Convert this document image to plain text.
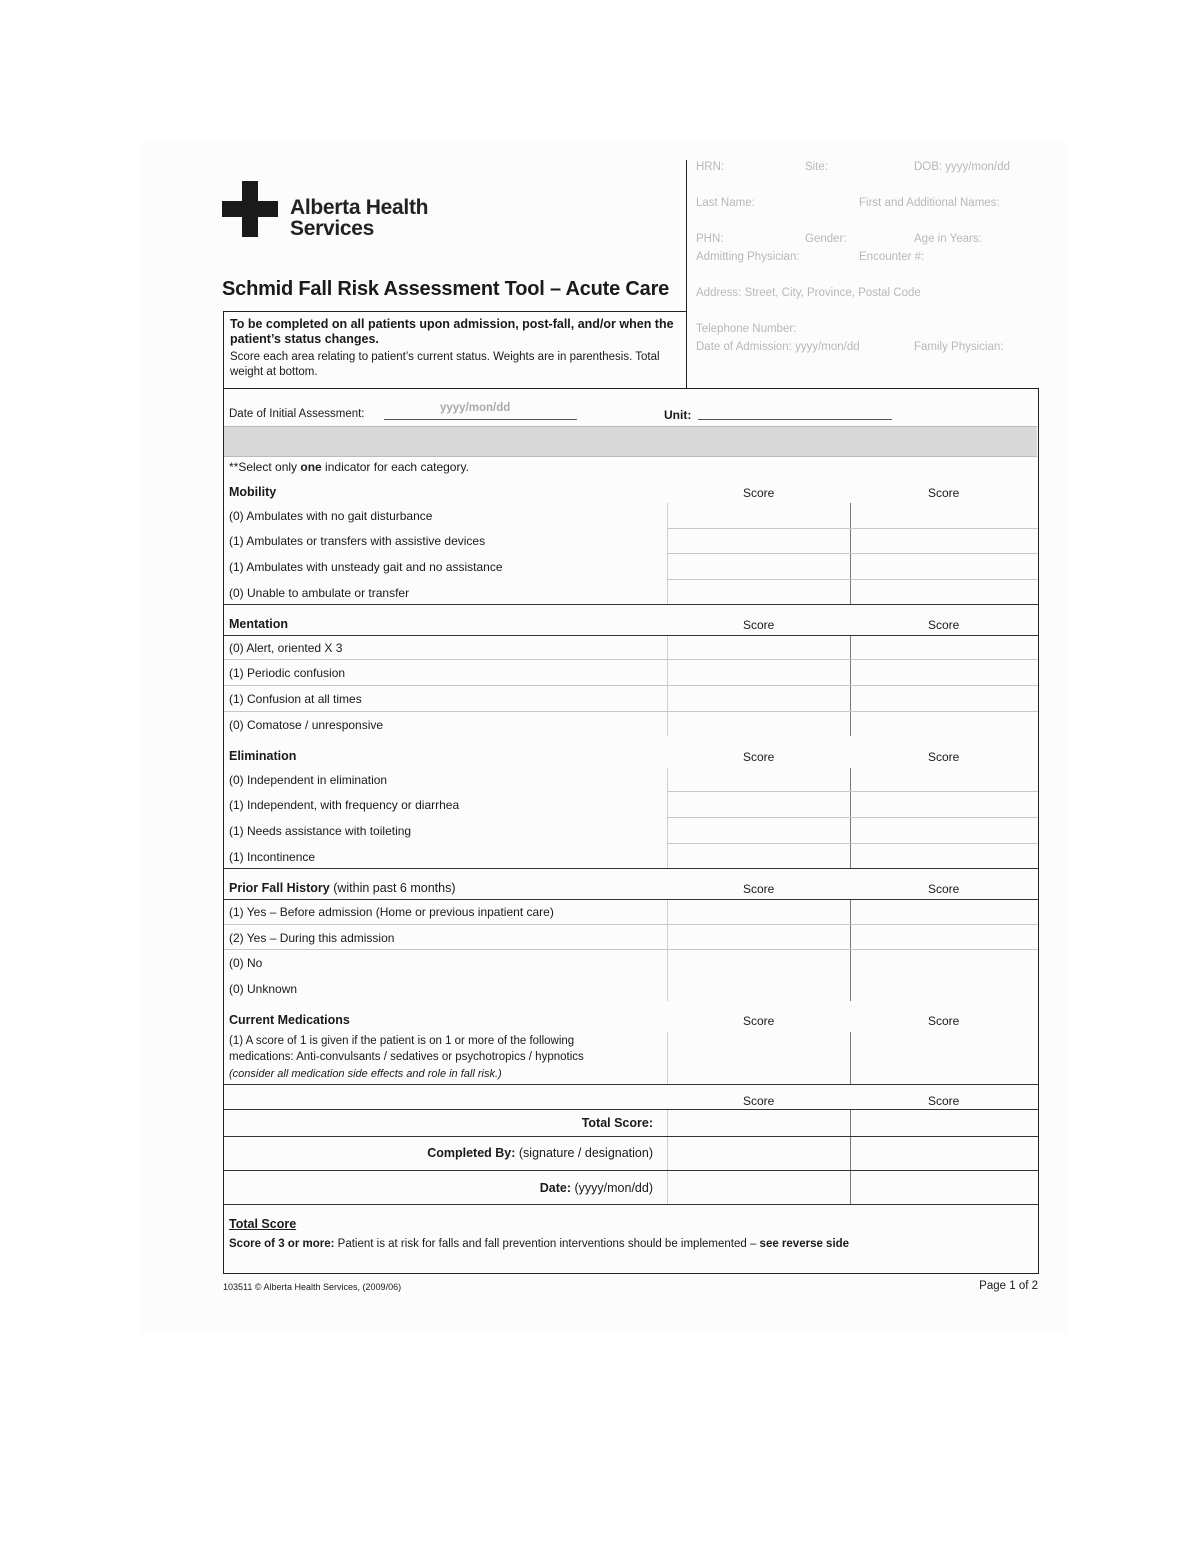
Alberta Health
Services
Schmid Fall Risk Assessment Tool – Acute Care
To be completed on all patients upon admission, post-fall, and/or when the patient’s status changes.
Score each area relating to patient’s current status. Weights are in parenthesis. Total weight at bottom.
HRN:	Site:	DOB: yyyy/mon/dd
Last Name:	First and Additional Names:
PHN:	Gender:	Age in Years:
Admitting Physician:	Encounter #:
Address: Street, City, Province, Postal Code
Telephone Number:
Date of Admission: yyyy/mon/dd	Family Physician:
Date of Initial Assessment:	yyyy/mon/dd	Unit:
**Select only one indicator for each category.
Mobility	Score	Score
(0) Ambulates with no gait disturbance
(1) Ambulates or transfers with assistive devices
(1) Ambulates with unsteady gait and no assistance
(0) Unable to ambulate or transfer
Mentation	Score	Score
(0) Alert, oriented X 3
(1) Periodic confusion
(1) Confusion at all times
(0) Comatose / unresponsive
Elimination	Score	Score
(0) Independent in elimination
(1) Independent, with frequency or diarrhea
(1) Needs assistance with toileting
(1) Incontinence
Prior Fall History (within past 6 months)	Score	Score
(1) Yes – Before admission (Home or previous inpatient care)
(2) Yes – During this admission
(0) No
(0) Unknown
Current Medications	Score	Score
(1) A score of 1 is given if the patient is on 1 or more of the following
medications: Anti-convulsants / sedatives or psychotropics / hypnotics
(consider all medication side effects and role in fall risk.)
Score	Score
Total Score:
Completed By: (signature / designation)
Date: (yyyy/mon/dd)
Total Score
Score of 3 or more: Patient is at risk for falls and fall prevention interventions should be implemented – see reverse side
103511 © Alberta Health Services, (2009/06)	Page 1 of 2
